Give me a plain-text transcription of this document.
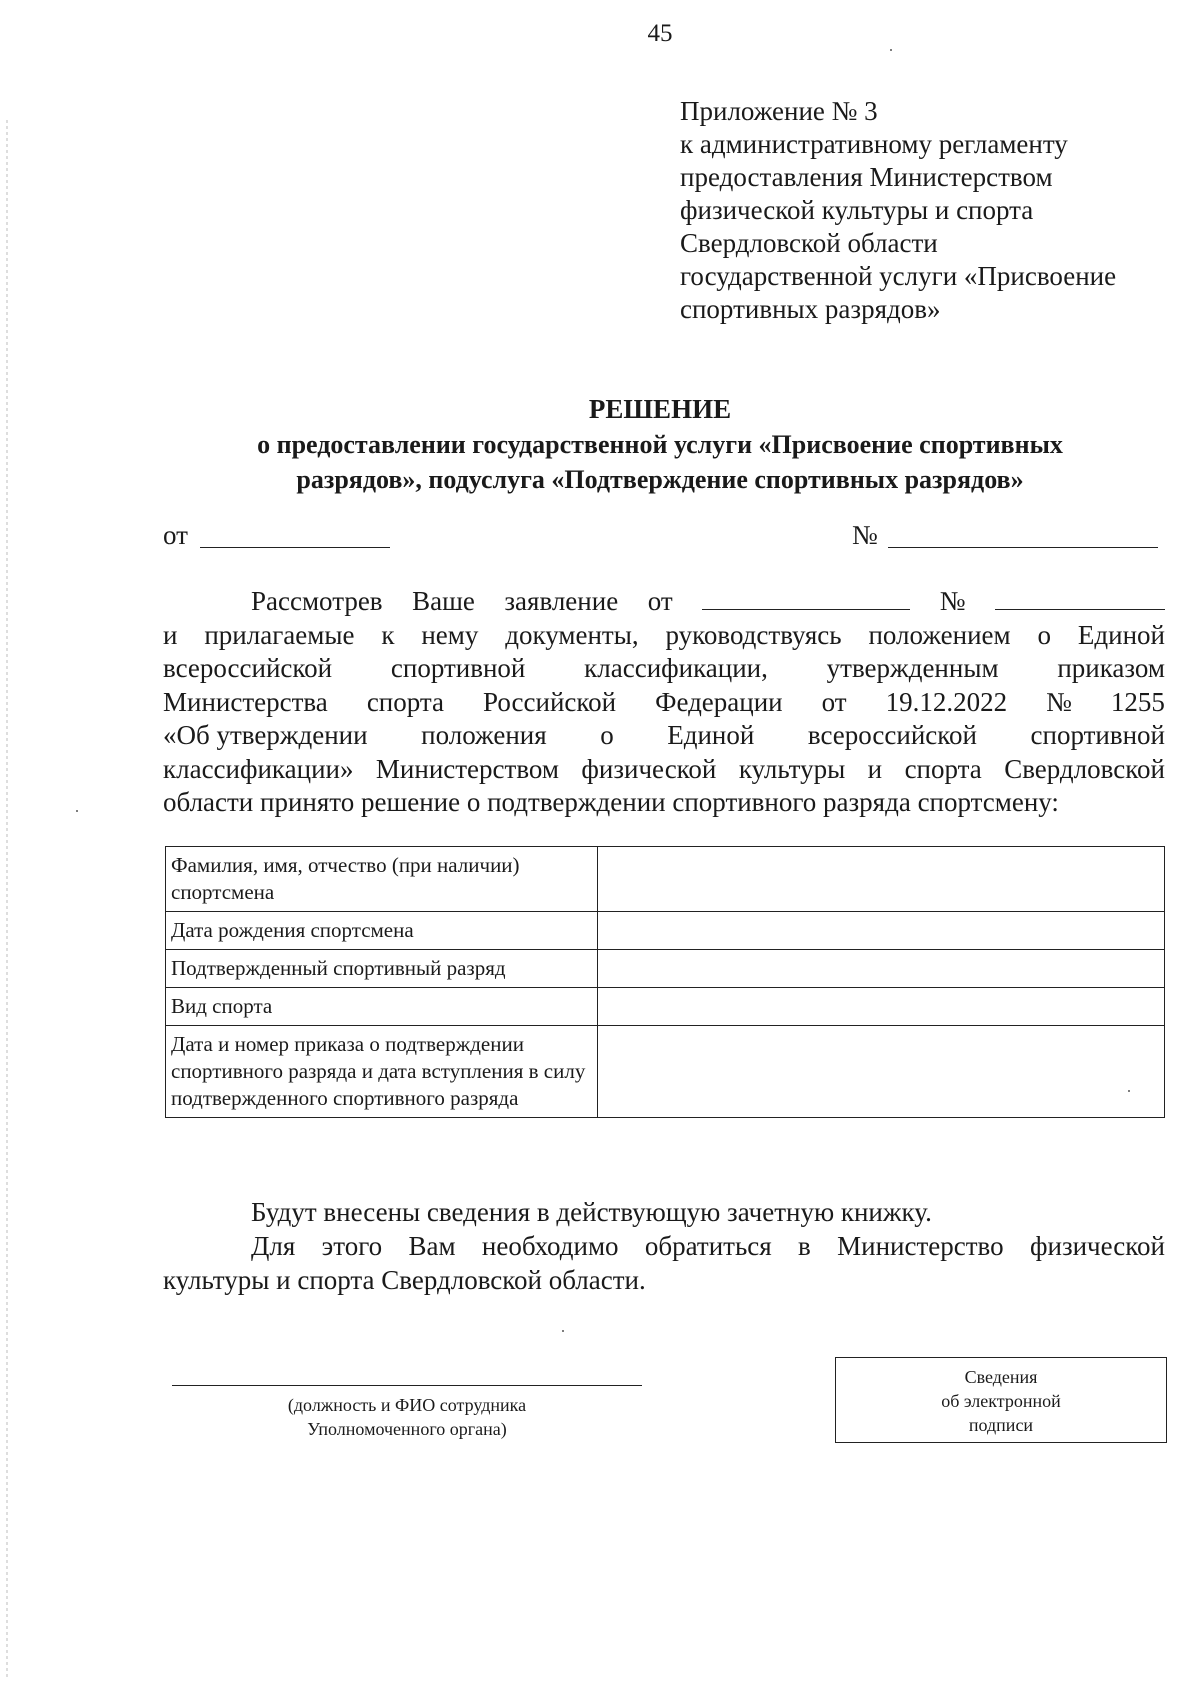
45
Приложение № 3
к административному регламенту
предоставления Министерством
физической культуры и спорта
Свердловской области
государственной услуги «Присвоение
спортивных разрядов»
РЕШЕНИЕ
о предоставлении государственной услуги «Присвоение спортивных
разрядов», подуслуга «Подтверждение спортивных разрядов»
от	№
Рассмотрев Ваше заявление от	№
и прилагаемые к нему документы, руководствуясь положением о Единой
всероссийской спортивной классификации, утвержденным приказом
Министерства спорта Российской Федерации от 19.12.2022 № 1255
«Об утверждении положения о Единой всероссийской спортивной
классификации» Министерством физической культуры и спорта Свердловской
области принято решение о подтверждении спортивного разряда спортсмену:
Фамилия, имя, отчество (при наличии) спортсмена	
Дата рождения спортсмена	
Подтвержденный спортивный разряд	
Вид спорта	
Дата и номер приказа о подтверждении спортивного разряда и дата вступления в силу подтвержденного спортивного разряда	
Будут внесены сведения в действующую зачетную книжку.
Для этого Вам необходимо обратиться в Министерство физической
культуры и спорта Свердловской области.
(должность и ФИО сотрудника
Уполномоченного органа)
Сведения
об электронной
подписи
